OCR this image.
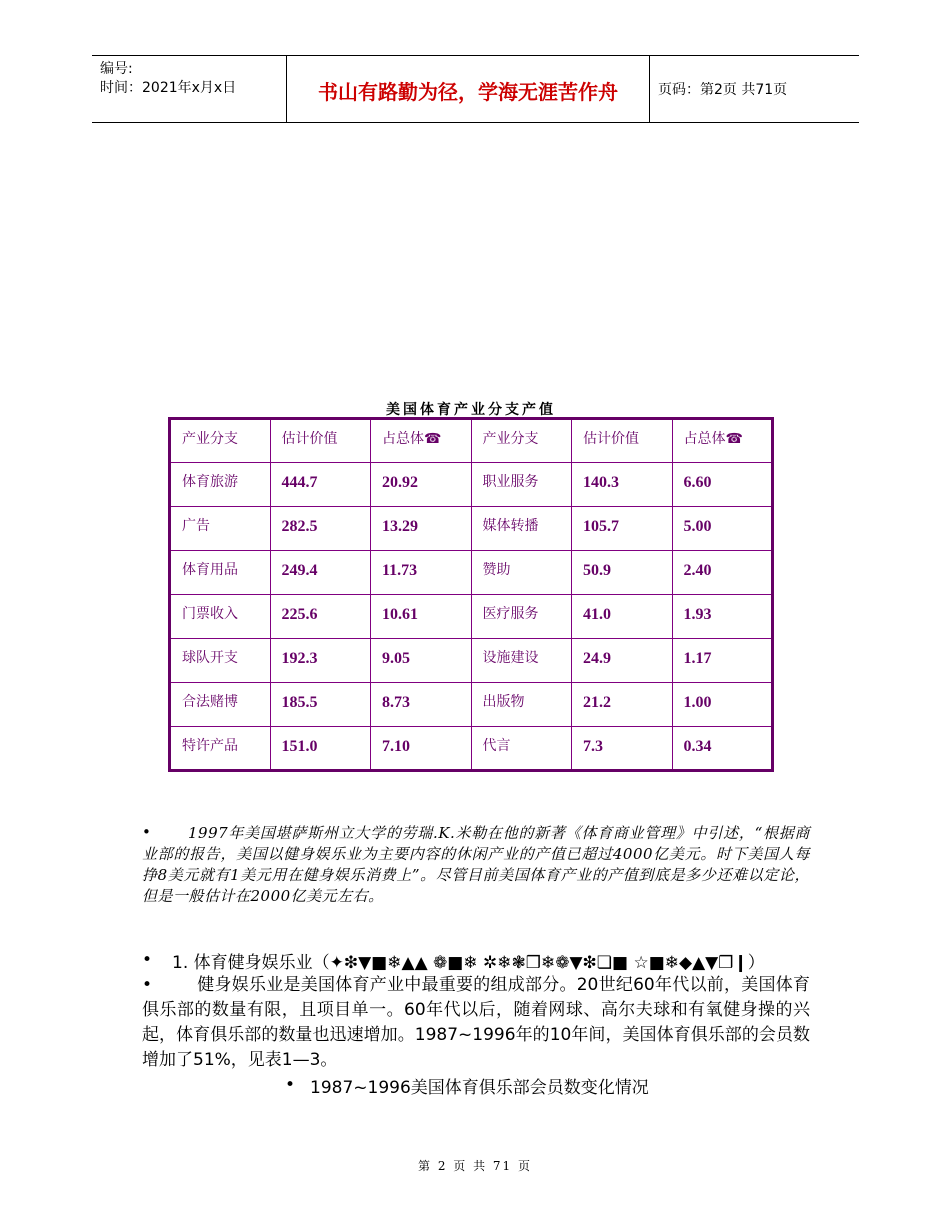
编号:
时间：2021年x月x日	书山有路勤为径，学海无涯苦作舟	页码：第2页 共71页
美国体育产业分支产值
产业分支	估计价值	占总体☎	产业分支	估计价值	占总体☎
体育旅游	444.7	20.92	职业服务	140.3	6.60
广告	282.5	13.29	媒体转播	105.7	5.00
体育用品	249.4	11.73	赞助	50.9	2.40
门票收入	225.6	10.61	医疗服务	41.0	1.93
球队开支	192.3	9.05	设施建设	24.9	1.17
合法赌博	185.5	8.73	出版物	21.2	1.00
特许产品	151.0	7.10	代言	7.3	0.34
•	1997年美国堪萨斯州立大学的劳瑞.K.米勒在他的新著《体育商业管理》中引述，“根据商业部的报告，美国以健身娱乐业为主要内容的休闲产业的产值已超过4000亿美元。时下美国人每挣8美元就有1美元用在健身娱乐消费上”。尽管目前美国体育产业的产值到底是多少还难以定论，但是一般估计在2000亿美元左右。
• 1. 体育健身娱乐业（✦❇▼■❄▲▲ ❁■❄ ✲❄❃❒❄❁▼❇❏■ ☆■❄◆▲▼❒❙）
•	健身娱乐业是美国体育产业中最重要的组成部分。20世纪60年代以前，美国体育俱乐部的数量有限，且项目单一。60年代以后，随着网球、高尔夫球和有氧健身操的兴起，体育俱乐部的数量也迅速增加。1987~1996年的10年间，美国体育俱乐部的会员数增加了51%，见表1—3。
• 1987~1996美国体育俱乐部会员数变化情况
第 2 页 共 71 页
